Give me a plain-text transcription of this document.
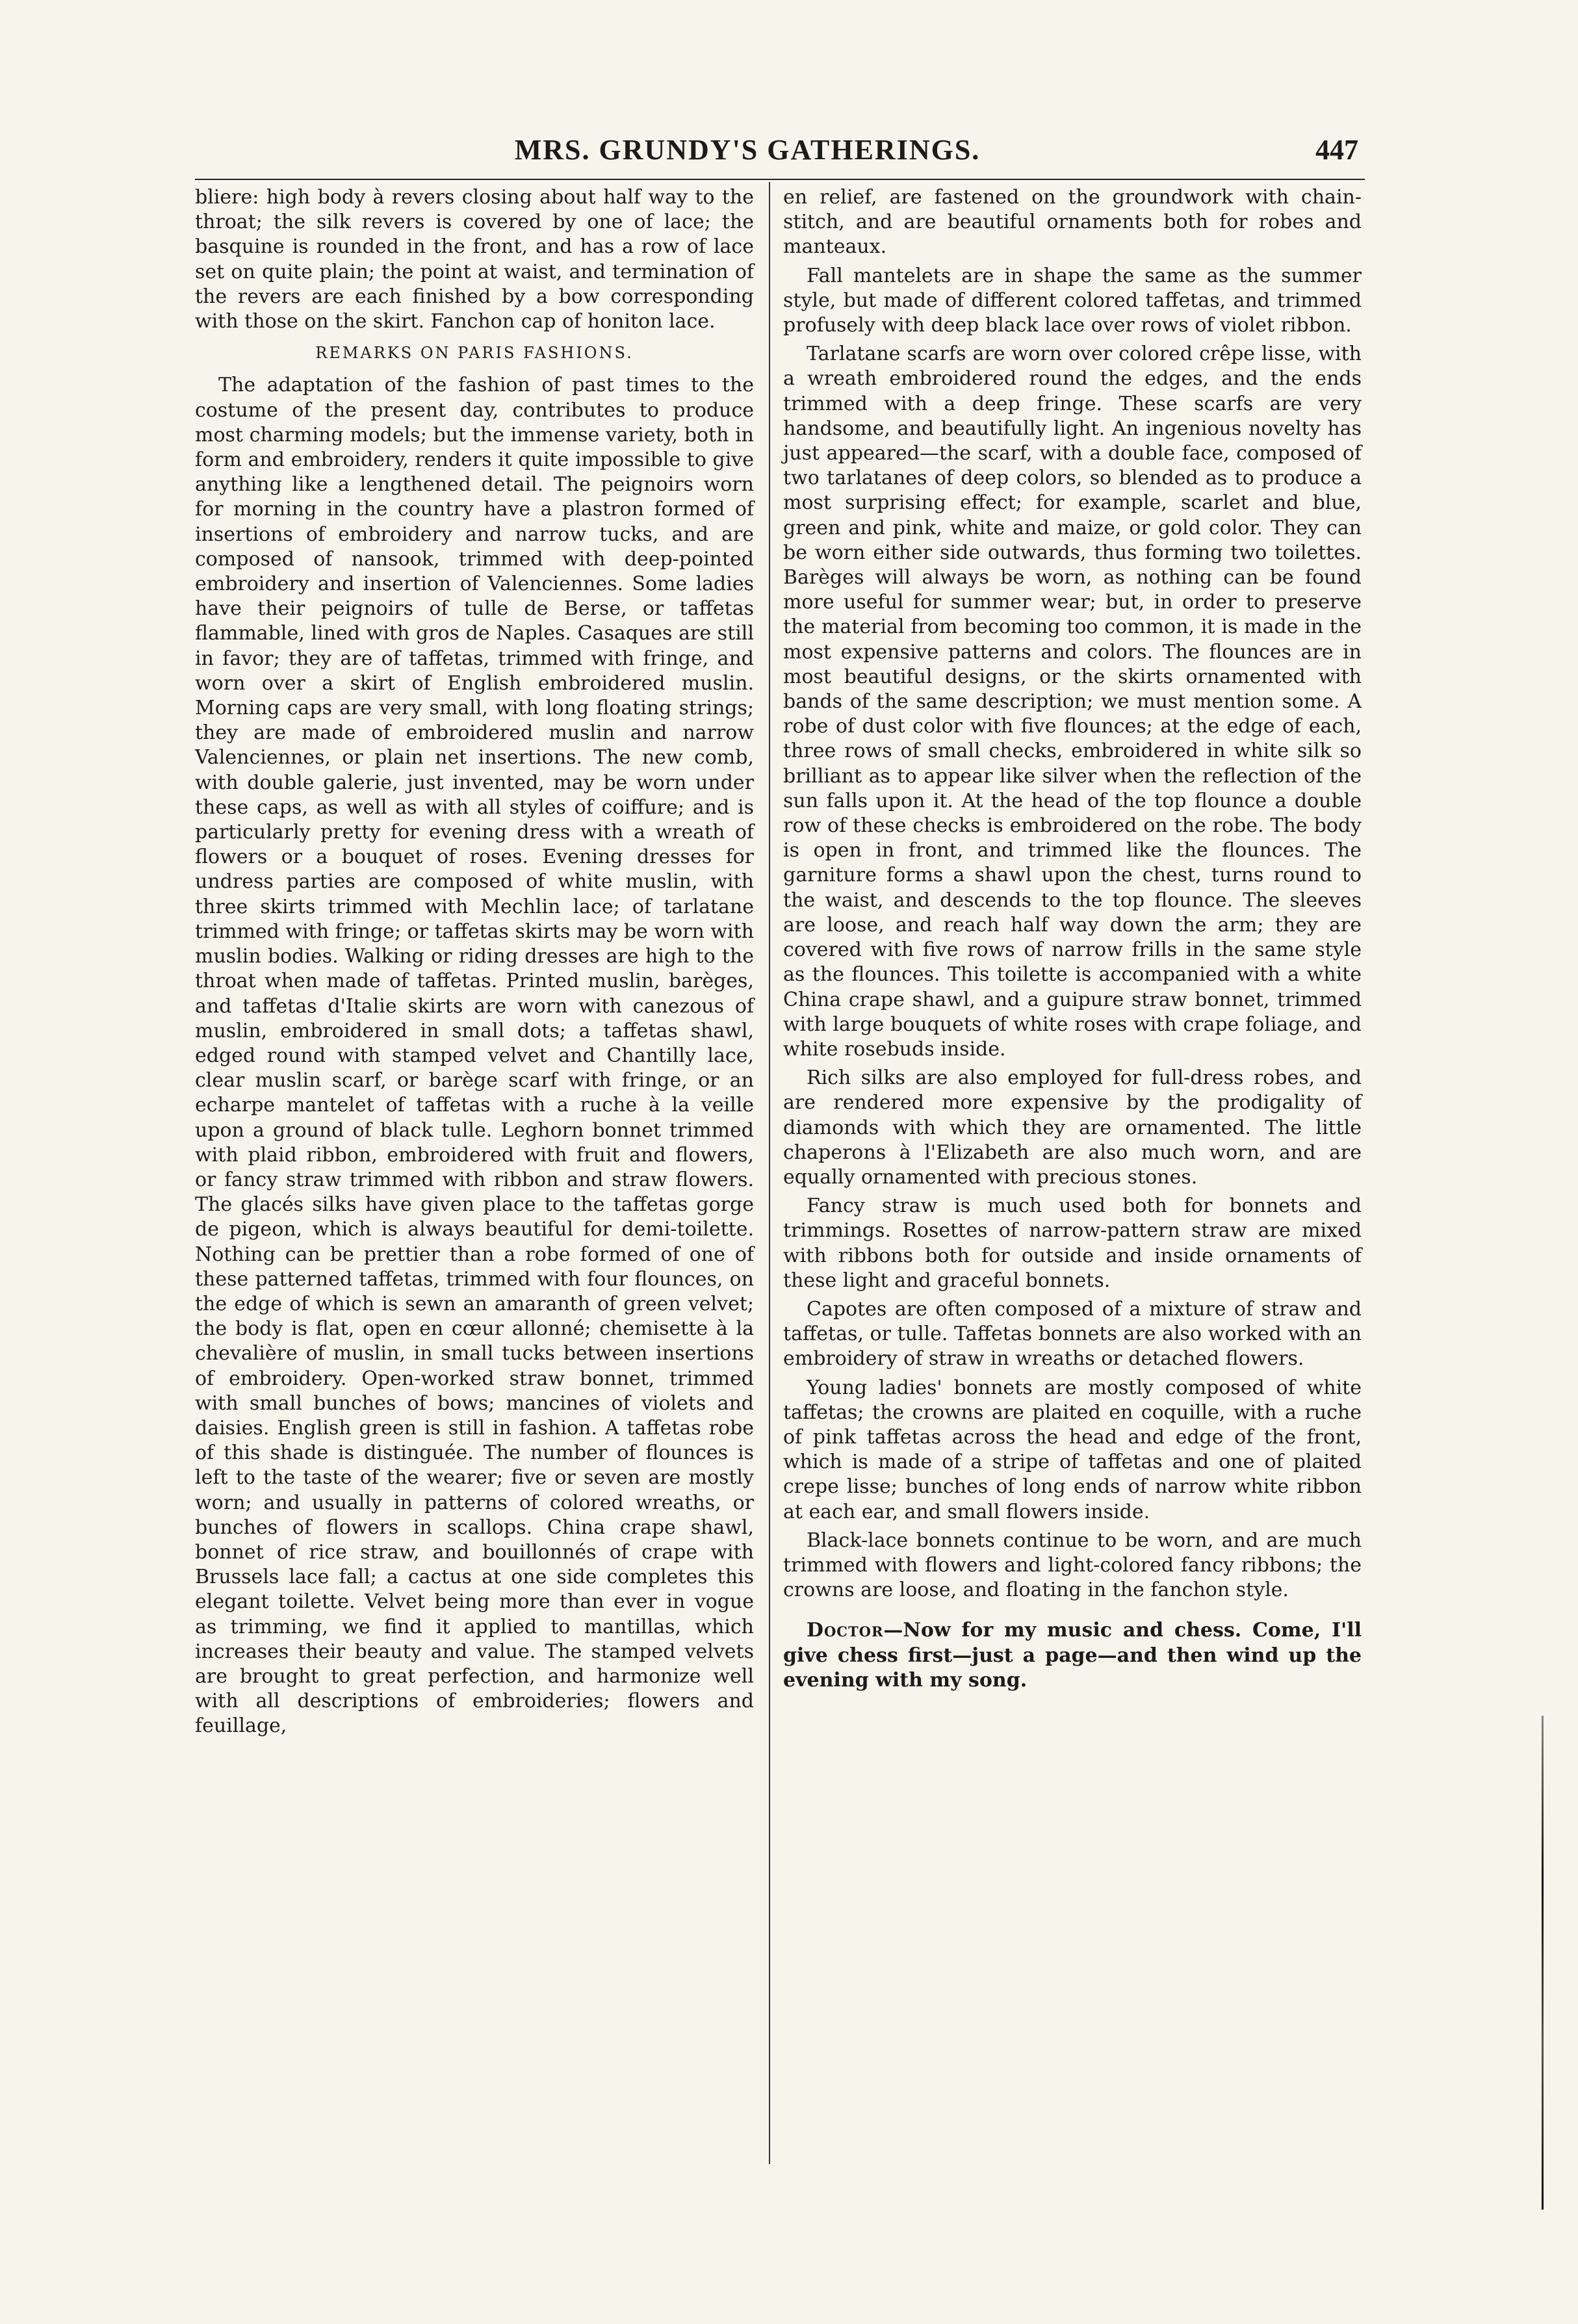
MRS. GRUNDY'S GATHERINGS.	447

bliere: high body à revers closing about half way to the throat; the silk revers is covered by one of lace; the basquine is rounded in the front, and has a row of lace set on quite plain; the point at waist, and termination of the revers are each finished by a bow corresponding with those on the skirt. Fanchon cap of honiton lace.

REMARKS ON PARIS FASHIONS.

The adaptation of the fashion of past times to the costume of the present day, contributes to produce most charming models; but the immense variety, both in form and embroidery, renders it quite impossible to give anything like a lengthened detail. The peignoirs worn for morning in the country have a plastron formed of insertions of embroidery and narrow tucks, and are composed of nansook, trimmed with deep-pointed embroidery and insertion of Valenciennes. Some ladies have their peignoirs of tulle de Berse, or taffetas flammable, lined with gros de Naples. Casaques are still in favor; they are of taffetas, trimmed with fringe, and worn over a skirt of English embroidered muslin. Morning caps are very small, with long floating strings; they are made of embroidered muslin and narrow Valenciennes, or plain net insertions. The new comb, with double galerie, just invented, may be worn under these caps, as well as with all styles of coiffure; and is particularly pretty for evening dress with a wreath of flowers or a bouquet of roses. Evening dresses for undress parties are composed of white muslin, with three skirts trimmed with Mechlin lace; of tarlatane trimmed with fringe; or taffetas skirts may be worn with muslin bodies. Walking or riding dresses are high to the throat when made of taffetas. Printed muslin, barèges, and taffetas d'Italie skirts are worn with canezous of muslin, embroidered in small dots; a taffetas shawl, edged round with stamped velvet and Chantilly lace, clear muslin scarf, or barège scarf with fringe, or an echarpe mantelet of taffetas with a ruche à la veille upon a ground of black tulle. Leghorn bonnet trimmed with plaid ribbon, embroidered with fruit and flowers, or fancy straw trimmed with ribbon and straw flowers. The glacés silks have given place to the taffetas gorge de pigeon, which is always beautiful for demi-toilette. Nothing can be prettier than a robe formed of one of these patterned taffetas, trimmed with four flounces, on the edge of which is sewn an amaranth of green velvet; the body is flat, open en cœur allonné; chemisette à la chevalière of muslin, in small tucks between insertions of embroidery. Open-worked straw bonnet, trimmed with small bunches of bows; mancines of violets and daisies. English green is still in fashion. A taffetas robe of this shade is distinguée. The number of flounces is left to the taste of the wearer; five or seven are mostly worn; and usually in patterns of colored wreaths, or bunches of flowers in scallops. China crape shawl, bonnet of rice straw, and bouillonnés of crape with Brussels lace fall; a cactus at one side completes this elegant toilette. Velvet being more than ever in vogue as trimming, we find it applied to mantillas, which increases their beauty and value. The stamped velvets are brought to great perfection, and harmonize well with all descriptions of embroideries; flowers and feuillage,

en relief, are fastened on the groundwork with chain-stitch, and are beautiful ornaments both for robes and manteaux.

Fall mantelets are in shape the same as the summer style, but made of different colored taffetas, and trimmed profusely with deep black lace over rows of violet ribbon.

Tarlatane scarfs are worn over colored crêpe lisse, with a wreath embroidered round the edges, and the ends trimmed with a deep fringe. These scarfs are very handsome, and beautifully light. An ingenious novelty has just appeared—the scarf, with a double face, composed of two tarlatanes of deep colors, so blended as to produce a most surprising effect; for example, scarlet and blue, green and pink, white and maize, or gold color. They can be worn either side outwards, thus forming two toilettes. Barèges will always be worn, as nothing can be found more useful for summer wear; but, in order to preserve the material from becoming too common, it is made in the most expensive patterns and colors. The flounces are in most beautiful designs, or the skirts ornamented with bands of the same description; we must mention some. A robe of dust color with five flounces; at the edge of each, three rows of small checks, embroidered in white silk so brilliant as to appear like silver when the reflection of the sun falls upon it. At the head of the top flounce a double row of these checks is embroidered on the robe. The body is open in front, and trimmed like the flounces. The garniture forms a shawl upon the chest, turns round to the waist, and descends to the top flounce. The sleeves are loose, and reach half way down the arm; they are covered with five rows of narrow frills in the same style as the flounces. This toilette is accompanied with a white China crape shawl, and a guipure straw bonnet, trimmed with large bouquets of white roses with crape foliage, and white rosebuds inside.

Rich silks are also employed for full-dress robes, and are rendered more expensive by the prodigality of diamonds with which they are ornamented. The little chaperons à l'Elizabeth are also much worn, and are equally ornamented with precious stones.

Fancy straw is much used both for bonnets and trimmings. Rosettes of narrow-pattern straw are mixed with ribbons both for outside and inside ornaments of these light and graceful bonnets.

Capotes are often composed of a mixture of straw and taffetas, or tulle. Taffetas bonnets are also worked with an embroidery of straw in wreaths or detached flowers.

Young ladies' bonnets are mostly composed of white taffetas; the crowns are plaited en coquille, with a ruche of pink taffetas across the head and edge of the front, which is made of a stripe of taffetas and one of plaited crepe lisse; bunches of long ends of narrow white ribbon at each ear, and small flowers inside.

Black-lace bonnets continue to be worn, and are much trimmed with flowers and light-colored fancy ribbons; the crowns are loose, and floating in the fanchon style.

Doctor—Now for my music and chess. Come, I'll give chess first—just a page—and then wind up the evening with my song.
